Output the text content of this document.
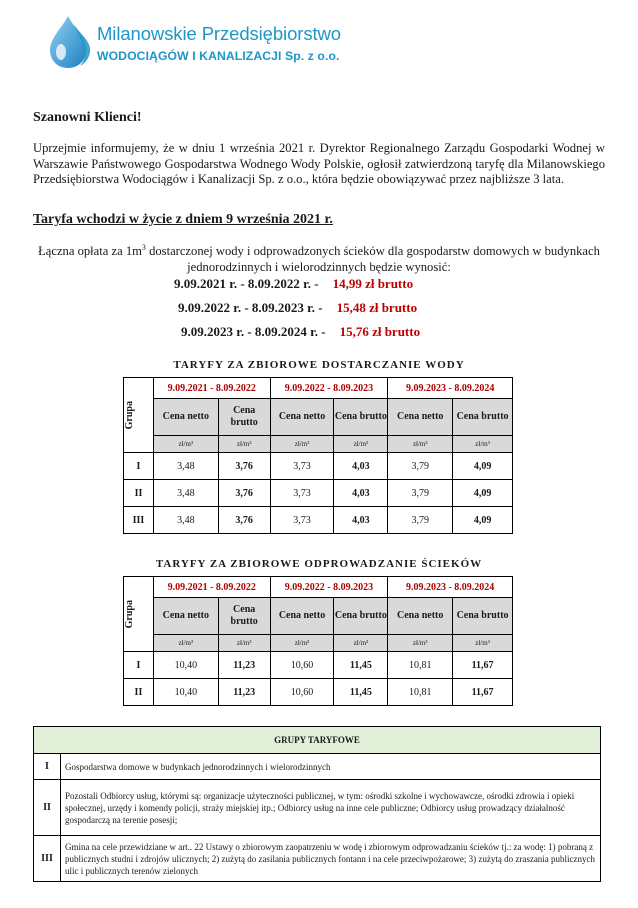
Milanowskie Przedsiębiorstwo
WODOCIĄGÓW I KANALIZACJI Sp. z o.o.
Szanowni Klienci!
Uprzejmie informujemy, że w dniu 1 września 2021 r. Dyrektor Regionalnego Zarządu Gospodarki Wodnej w Warszawie Państwowego Gospodarstwa Wodnego Wody Polskie, ogłosił zatwierdzoną taryfę dla Milanowskiego Przedsiębiorstwa Wodociągów i Kanalizacji Sp. z o.o., która będzie obowiązywać przez najbliższe 3 lata.
Taryfa wchodzi w życie z dniem 9 września 2021 r.
Łączna opłata za $1m^3$ dostarczonej wody i odprowadzonych ścieków dla gospodarstw domowych w budynkach jednorodzinnych i wielorodzinnych będzie wynosić:
9.09.2021 r. - 8.09.2022 r. - 14,99 zł brutto
9.09.2022 r. - 8.09.2023 r. - 15,48 zł brutto
9.09.2023 r. - 8.09.2024 r. - 15,76 zł brutto
TARYFY ZA ZBIOROWE DOSTARCZANIE WODY
Grupa	9.09.2021 - 8.09.2022		9.09.2022 - 8.09.2023		9.09.2023 - 8.09.2024	
	Cena netto	Cena brutto	Cena netto	Cena brutto	Cena netto	Cena brutto
	zł/m³	zł/m³	zł/m³	zł/m³	zł/m³	zł/m³
I	3,48	3,76	3,73	4,03	3,79	4,09
II	3,48	3,76	3,73	4,03	3,79	4,09
III	3,48	3,76	3,73	4,03	3,79	4,09
TARYFY ZA ZBIOROWE ODPROWADZANIE ŚCIEKÓW
Grupa	9.09.2021 - 8.09.2022		9.09.2022 - 8.09.2023		9.09.2023 - 8.09.2024	
	Cena netto	Cena brutto	Cena netto	Cena brutto	Cena netto	Cena brutto
	zł/m³	zł/m³	zł/m³	zł/m³	zł/m³	zł/m³
I	10,40	11,23	10,60	11,45	10,81	11,67
II	10,40	11,23	10,60	11,45	10,81	11,67
GRUPY TARYFOWE	
I	Gospodarstwa domowe w budynkach jednorodzinnych i wielorodzinnych
II	Pozostali Odbiorcy usług, którymi są: organizacje użyteczności publicznej, w tym: ośrodki szkolne i wychowawcze, ośrodki zdrowia i opieki społecznej, urzędy i komendy policji, straży miejskiej itp.; Odbiorcy usług na inne cele publiczne; Odbiorcy usług prowadzący działalność gospodarczą na terenie posesji;
III	Gmina na cele przewidziane w art.. 22 Ustawy o zbiorowym zaopatrzeniu w wodę i zbiorowym odprowadzaniu ścieków tj.: za wodę: 1) pobraną z publicznych studni i zdrojów ulicznych; 2) zużytą do zasilania publicznych fontann i na cele przeciwpożarowe; 3) zużytą do zraszania publicznych ulic i publicznych terenów zielonych
